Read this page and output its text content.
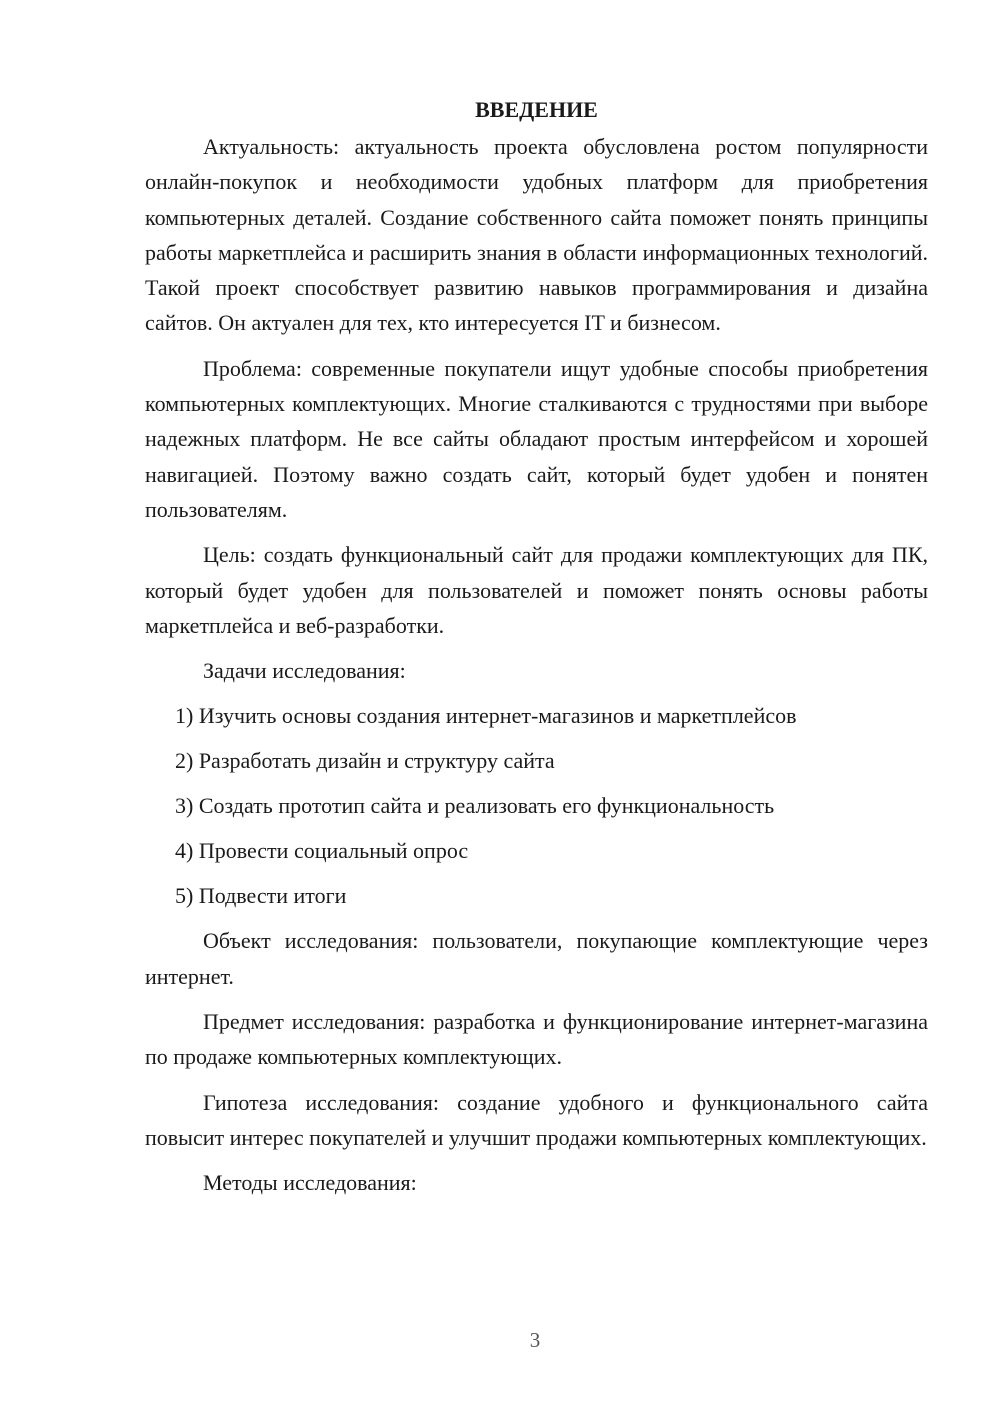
ВВЕДЕНИЕ

Актуальность: актуальность проекта обусловлена ростом популярности онлайн-покупок и необходимости удобных платформ для приобретения компьютерных деталей. Создание собственного сайта поможет понять принципы работы маркетплейса и расширить знания в области информационных технологий. Такой проект способствует развитию навыков программирования и дизайна сайтов. Он актуален для тех, кто интересуется IT и бизнесом.

Проблема: современные покупатели ищут удобные способы приобретения компьютерных комплектующих. Многие сталкиваются с трудностями при выборе надежных платформ. Не все сайты обладают простым интерфейсом и хорошей навигацией. Поэтому важно создать сайт, который будет удобен и понятен пользователям.

Цель: создать функциональный сайт для продажи комплектующих для ПК, который будет удобен для пользователей и поможет понять основы работы маркетплейса и веб-разработки.

Задачи исследования:

1) Изучить основы создания интернет-магазинов и маркетплейсов
2) Разработать дизайн и структуру сайта
3) Создать прототип сайта и реализовать его функциональность
4) Провести социальный опрос
5) Подвести итоги

Объект исследования: пользователи, покупающие комплектующие через интернет.

Предмет исследования: разработка и функционирование интернет-магазина по продаже компьютерных комплектующих.

Гипотеза исследования: создание удобного и функционального сайта повысит интерес покупателей и улучшит продажи компьютерных комплектующих.

Методы исследования:

3
